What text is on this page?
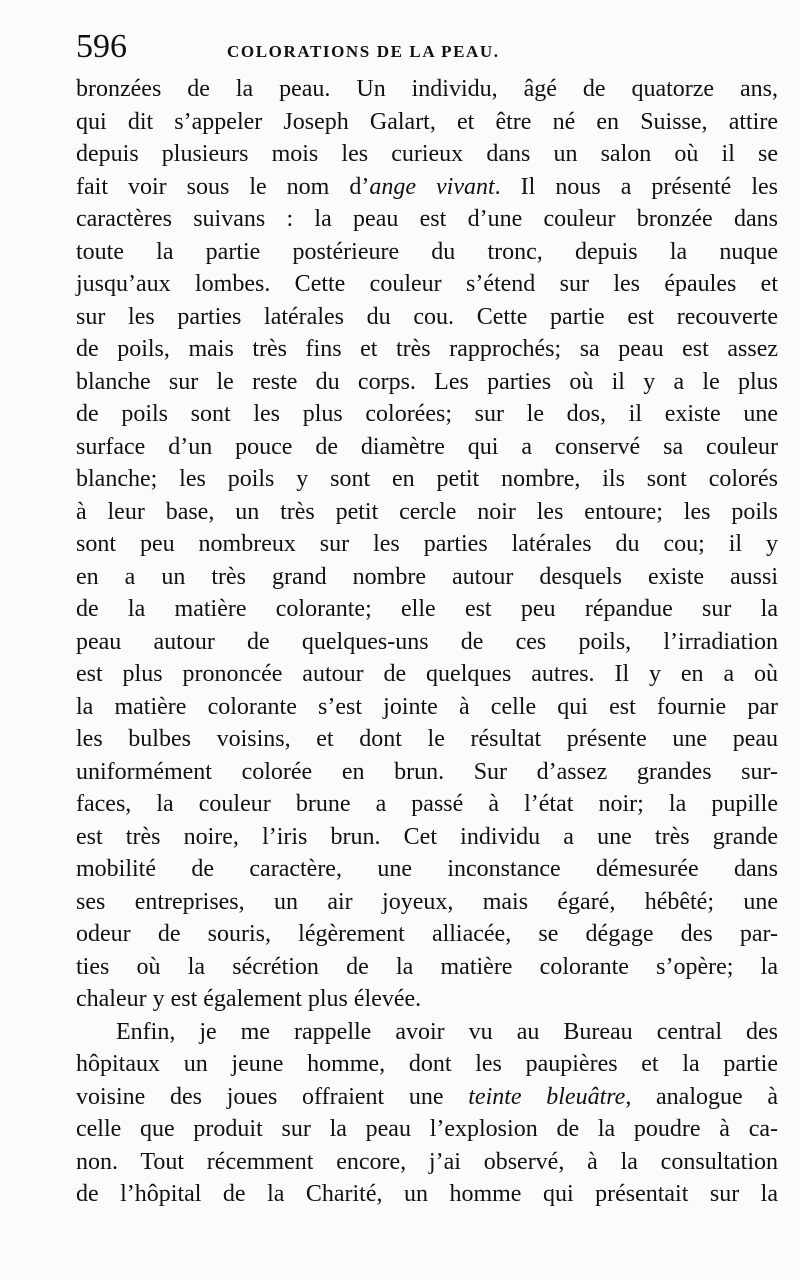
596	COLORATIONS DE LA PEAU.
bronzées de la peau. Un individu, âgé de quatorze ans,
qui dit s’appeler Joseph Galart, et être né en Suisse, attire
depuis plusieurs mois les curieux dans un salon où il se
fait voir sous le nom d’ange vivant. Il nous a présenté les
caractères suivans : la peau est d’une couleur bronzée dans
toute la partie postérieure du tronc, depuis la nuque
jusqu’aux lombes. Cette couleur s’étend sur les épaules et
sur les parties latérales du cou. Cette partie est recouverte
de poils, mais très fins et très rapprochés; sa peau est assez
blanche sur le reste du corps. Les parties où il y a le plus
de poils sont les plus colorées; sur le dos, il existe une
surface d’un pouce de diamètre qui a conservé sa couleur
blanche; les poils y sont en petit nombre, ils sont colorés
à leur base, un très petit cercle noir les entoure; les poils
sont peu nombreux sur les parties latérales du cou; il y
en a un très grand nombre autour desquels existe aussi
de la matière colorante; elle est peu répandue sur la
peau autour de quelques-uns de ces poils, l’irradiation
est plus prononcée autour de quelques autres. Il y en a où
la matière colorante s’est jointe à celle qui est fournie par
les bulbes voisins, et dont le résultat présente une peau
uniformément colorée en brun. Sur d’assez grandes sur-
faces, la couleur brune a passé à l’état noir; la pupille
est très noire, l’iris brun. Cet individu a une très grande
mobilité de caractère, une inconstance démesurée dans
ses entreprises, un air joyeux, mais égaré, hébêté; une
odeur de souris, légèrement alliacée, se dégage des par-
ties où la sécrétion de la matière colorante s’opère; la
chaleur y est également plus élevée.
Enfin, je me rappelle avoir vu au Bureau central des
hôpitaux un jeune homme, dont les paupières et la partie
voisine des joues offraient une teinte bleuâtre, analogue à
celle que produit sur la peau l’explosion de la poudre à ca-
non. Tout récemment encore, j’ai observé, à la consultation
de l’hôpital de la Charité, un homme qui présentait sur la
